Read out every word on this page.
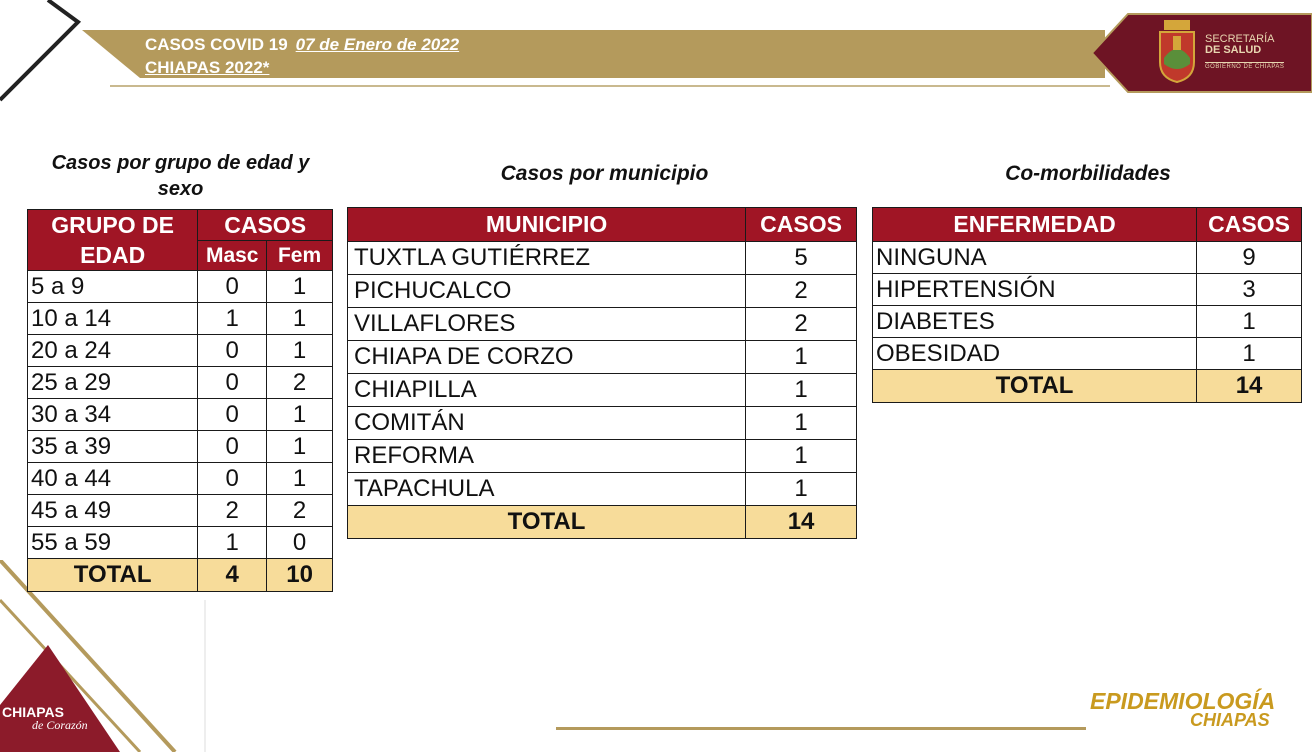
CASOS COVID 19 07 de Enero de 2022
CHIAPAS 2022*
SECRETARÍA
DE SALUD
GOBIERNO DE CHIAPAS
CHIAPAS
de Corazón
Casos por grupo de edad y sexo
Casos por municipio	Co-morbilidades
GRUPO DE EDAD	CASOS	
	Masc	Fem
5 a 9	0	1
10 a 14	1	1
20 a 24	0	1
25 a 29	0	2
30 a 34	0	1
35 a 39	0	1
40 a 44	0	1
45 a 49	2	2
55 a 59	1	0
TOTAL	4	10
MUNICIPIO	CASOS
TUXTLA GUTIÉRREZ	5
PICHUCALCO	2
VILLAFLORES	2
CHIAPA DE CORZO	1
CHIAPILLA	1
COMITÁN	1
REFORMA	1
TAPACHULA	1
TOTAL	14
ENFERMEDAD	CASOS
NINGUNA	9
HIPERTENSIÓN	3
DIABETES	1
OBESIDAD	1
TOTAL	14
EPIDEMIOLOGÍA
CHIAPAS
